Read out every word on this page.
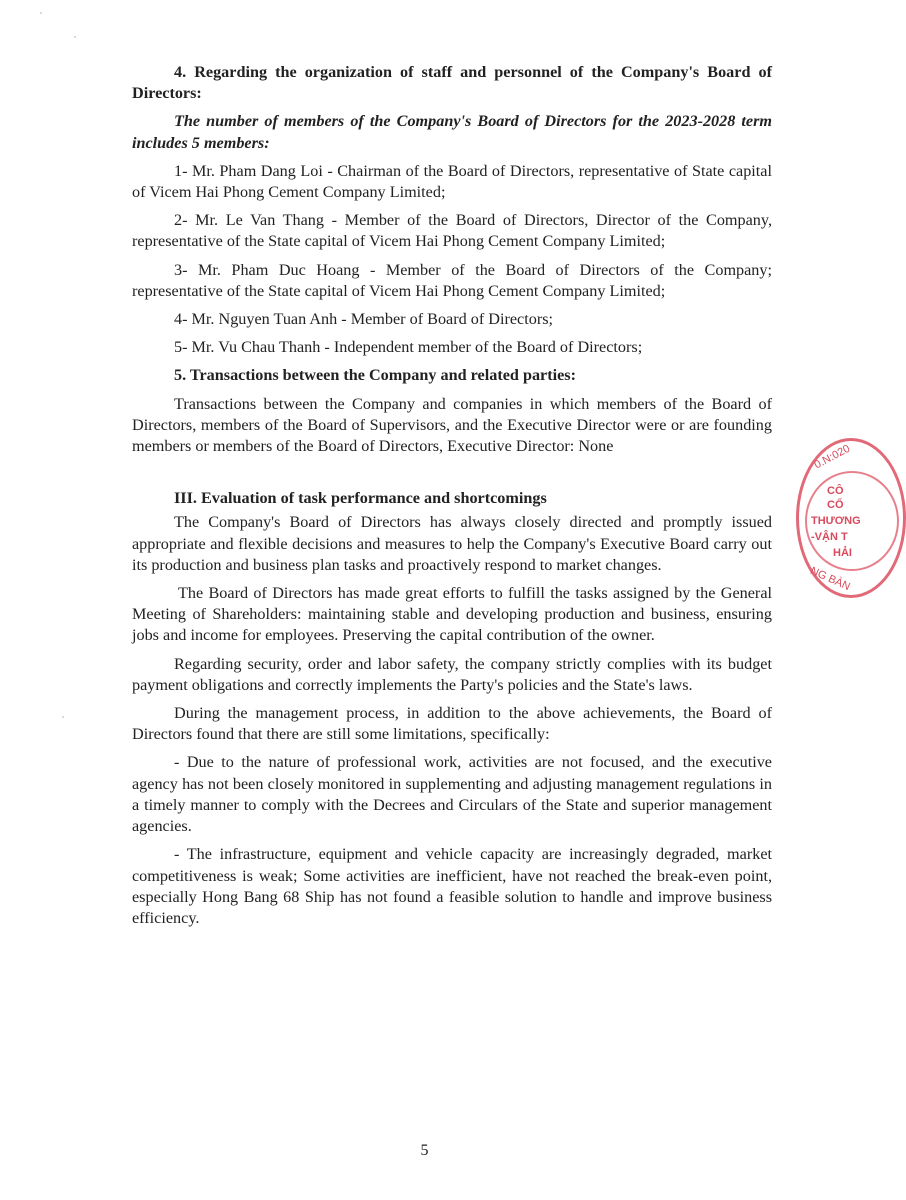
4. Regarding the organization of staff and personnel of the Company's Board of Directors:

The number of members of the Company's Board of Directors for the 2023-2028 term includes 5 members:

1- Mr. Pham Dang Loi - Chairman of the Board of Directors, representative of State capital of Vicem Hai Phong Cement Company Limited;

2- Mr. Le Van Thang - Member of the Board of Directors, Director of the Company, representative of the State capital of Vicem Hai Phong Cement Company Limited;

3- Mr. Pham Duc Hoang - Member of the Board of Directors of the Company; representative of the State capital of Vicem Hai Phong Cement Company Limited;

4- Mr. Nguyen Tuan Anh - Member of Board of Directors;

5- Mr. Vu Chau Thanh - Independent member of the Board of Directors;

5. Transactions between the Company and related parties:

Transactions between the Company and companies in which members of the Board of Directors, members of the Board of Supervisors, and the Executive Director were or are founding members or members of the Board of Directors, Executive Director: None

III. Evaluation of task performance and shortcomings

The Company's Board of Directors has always closely directed and promptly issued appropriate and flexible decisions and measures to help the Company's Executive Board carry out its production and business plan tasks and proactively respond to market changes.

The Board of Directors has made great efforts to fulfill the tasks assigned by the General Meeting of Shareholders: maintaining stable and developing production and business, ensuring jobs and income for employees. Preserving the capital contribution of the owner.

Regarding security, order and labor safety, the company strictly complies with its budget payment obligations and correctly implements the Party's policies and the State's laws.

During the management process, in addition to the above achievements, the Board of Directors found that there are still some limitations, specifically:

- Due to the nature of professional work, activities are not focused, and the executive agency has not been closely monitored in supplementing and adjusting management regulations in a timely manner to comply with the Decrees and Circulars of the State and superior management agencies.

- The infrastructure, equipment and vehicle capacity are increasingly degraded, market competitiveness is weak; Some activities are inefficient, have not reached the break-even point, especially Hong Bang 68 Ship has not found a feasible solution to handle and improve business efficiency.

5
0.N:020
CÔ
CỔ
THƯƠNG
-VẬN T
HẢI
NG BÀN
